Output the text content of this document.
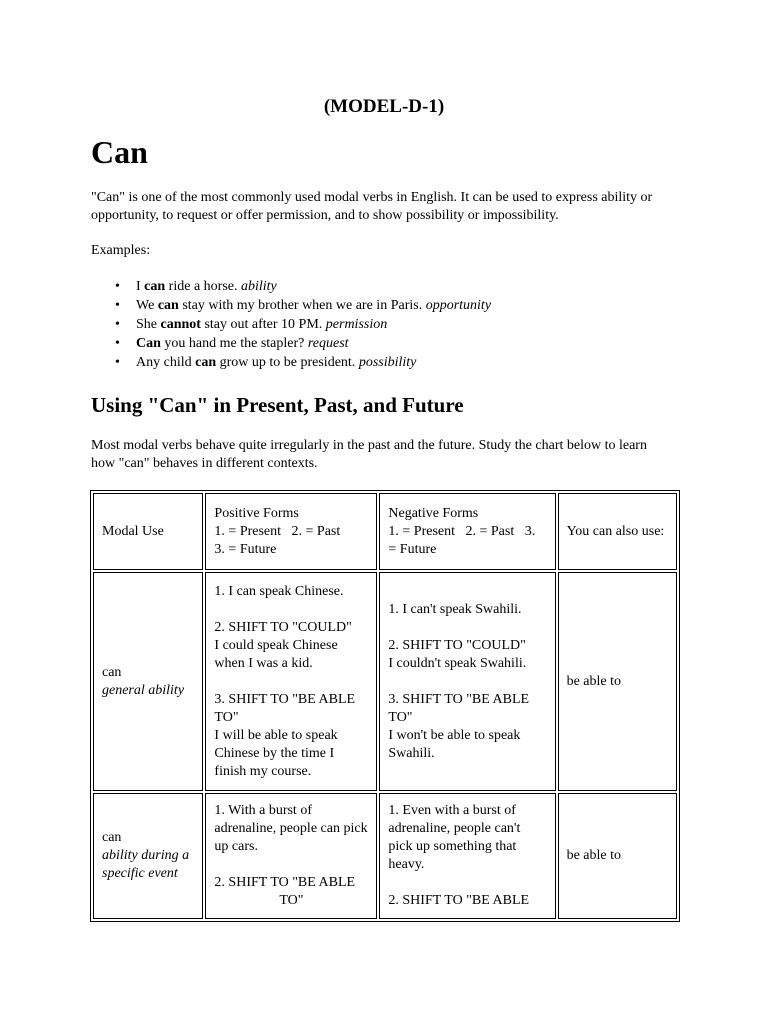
(MODEL-D-1)
Can
"Can" is one of the most commonly used modal verbs in English. It can be used to express ability or opportunity, to request or offer permission, and to show possibility or impossibility.
Examples:
• I can ride a horse. ability
• We can stay with my brother when we are in Paris. opportunity
• She cannot stay out after 10 PM. permission
• Can you hand me the stapler? request
• Any child can grow up to be president. possibility
Using "Can" in Present, Past, and Future
Most modal verbs behave quite irregularly in the past and the future. Study the chart below to learn how "can" behaves in different contexts.
Modal Use	Positive Forms
1. = Present   2. = Past
3. = Future	Negative Forms
1. = Present   2. = Past   3.
= Future	You can also use:
can
general ability	1. I can speak Chinese.
2. SHIFT TO "COULD"
I could speak Chinese when I was a kid.
3. SHIFT TO "BE ABLE TO"
I will be able to speak Chinese by the time I finish my course.	1. I can't speak Swahili.
2. SHIFT TO "COULD"
I couldn't speak Swahili.
3. SHIFT TO "BE ABLE TO"
I won't be able to speak Swahili.	be able to
can
ability during a specific event	1. With a burst of adrenaline, people can pick up cars.
2. SHIFT TO "BE ABLE

TO"	1. Even with a burst of adrenaline, people can't pick up something that heavy.
2. SHIFT TO "BE ABLE	be able to
